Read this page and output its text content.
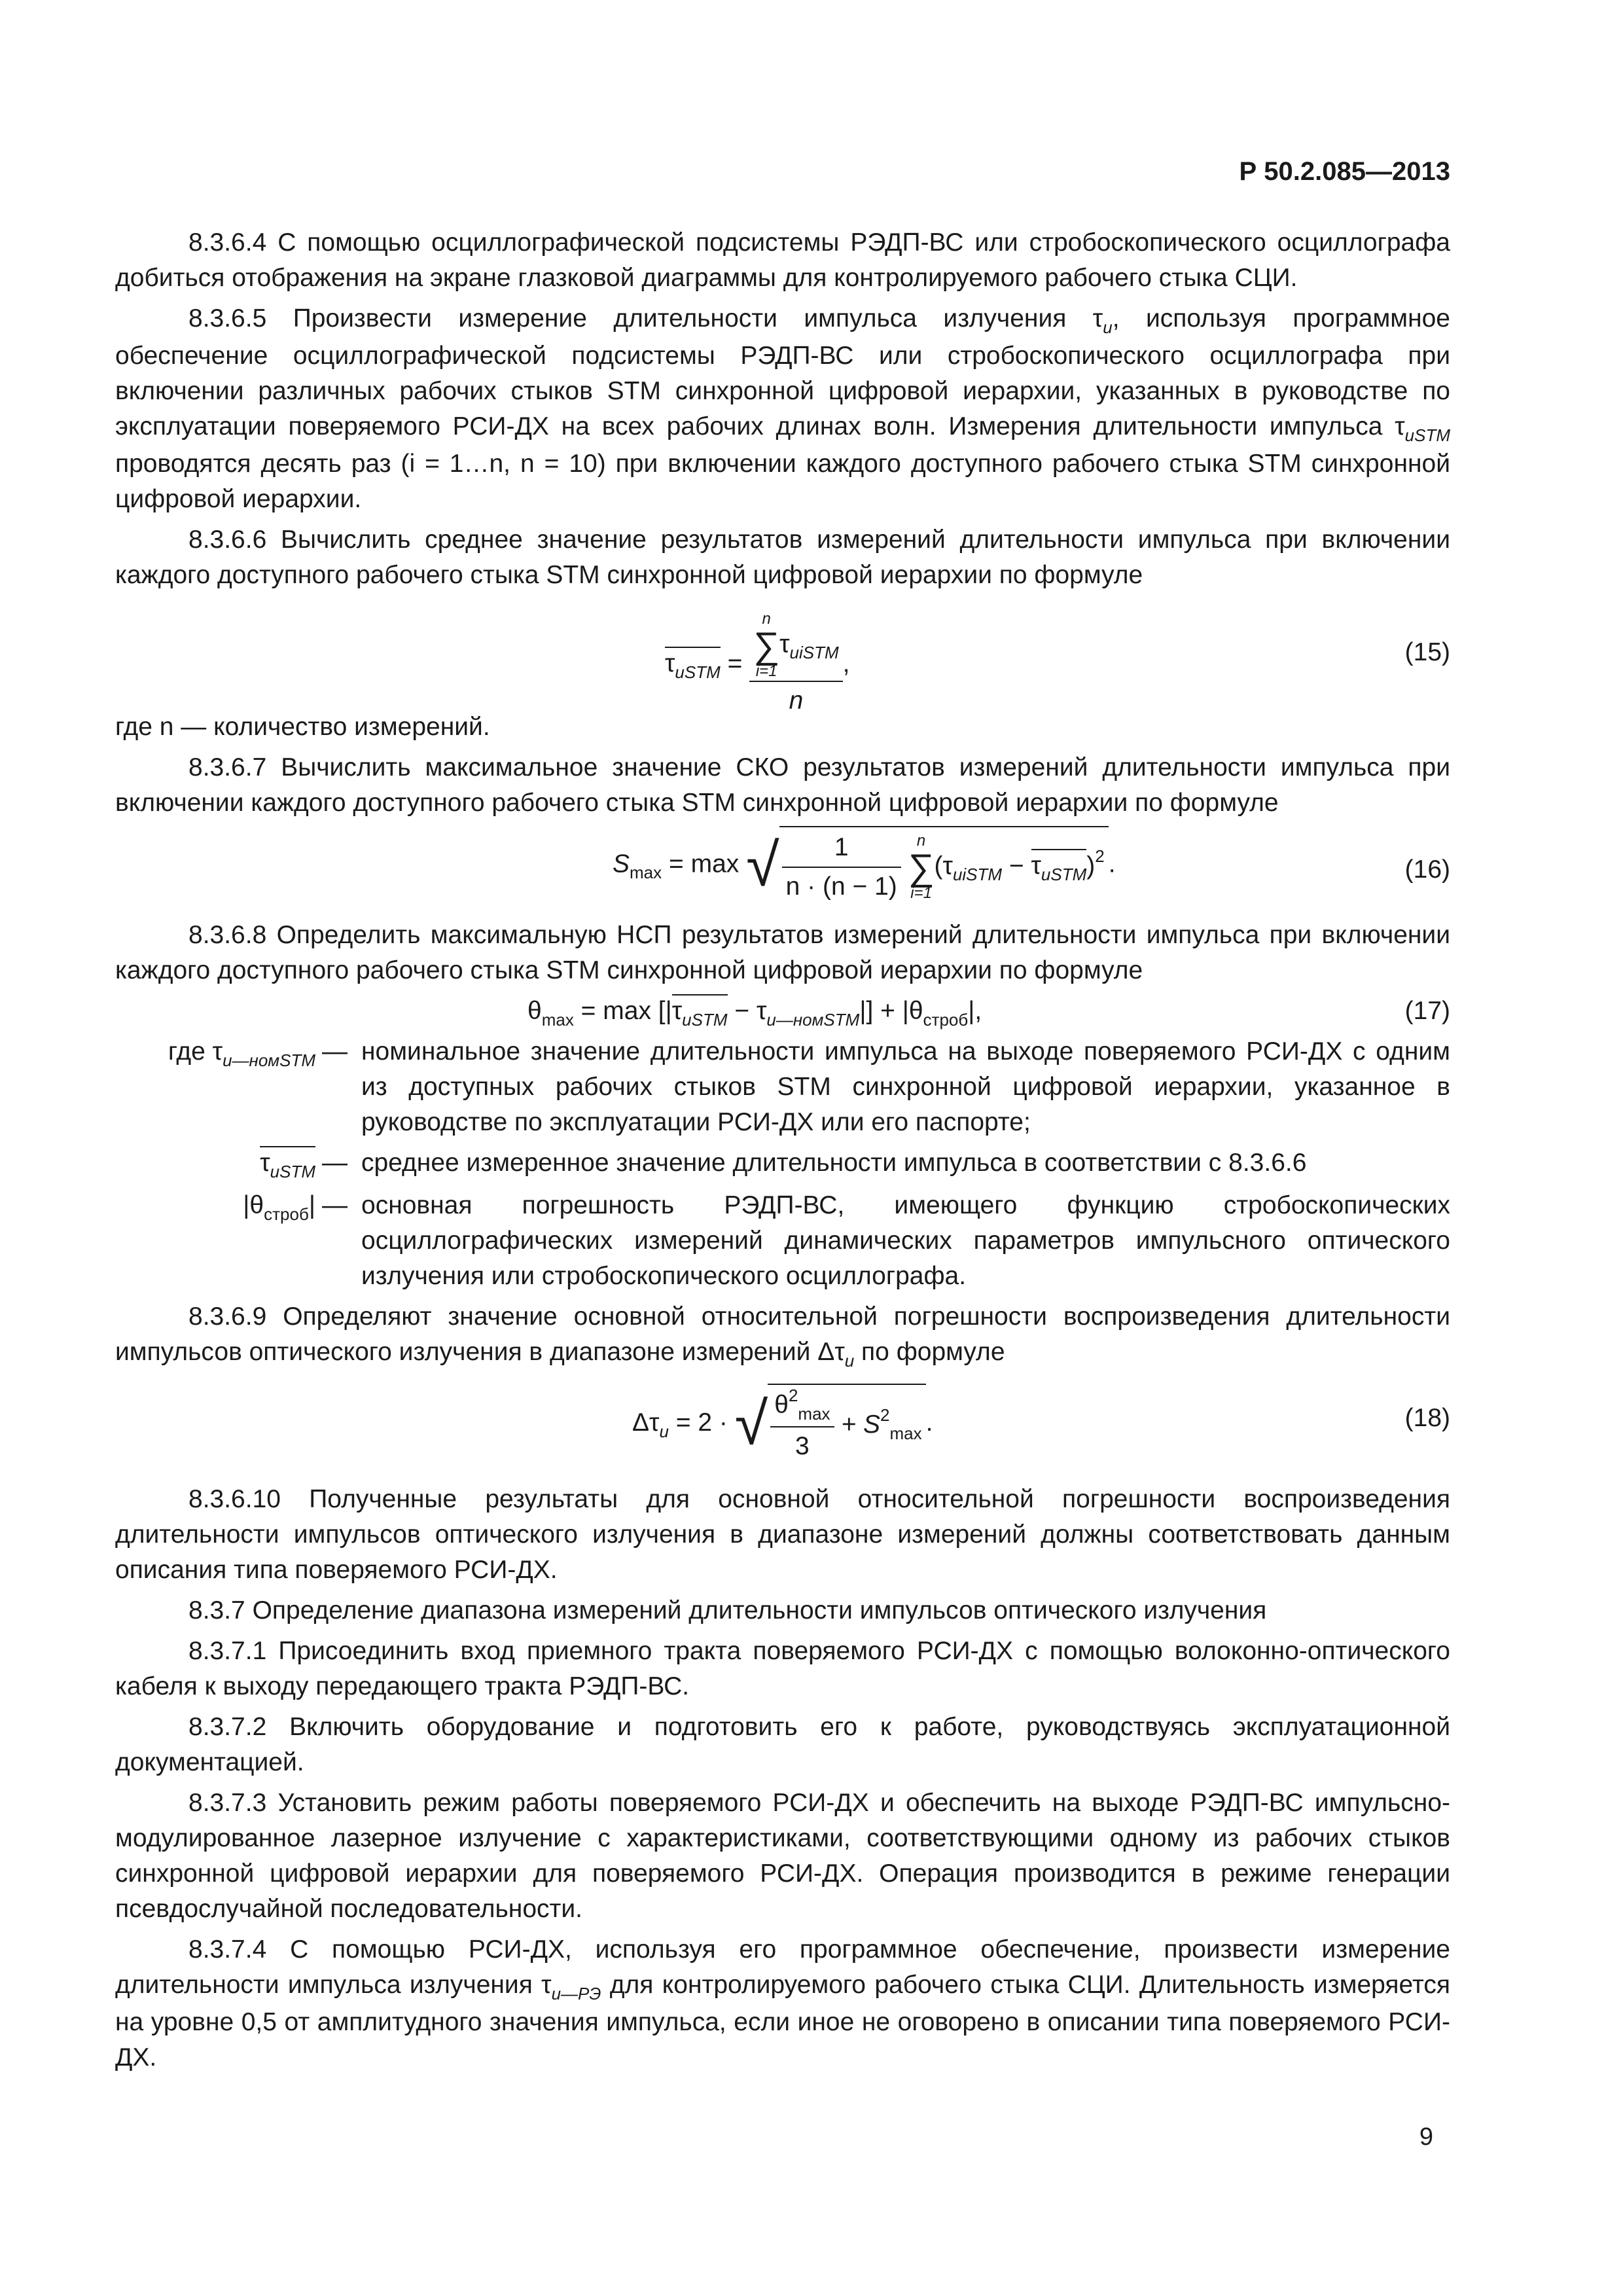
Р 50.2.085—2013

8.3.6.4 С помощью осциллографической подсистемы РЭДП-ВС или стробоскопического осциллографа добиться отображения на экране глазковой диаграммы для контролируемого рабочего стыка СЦИ.

8.3.6.5 Произвести измерение длительности импульса излучения $\tau_и$, используя программное обеспечение осциллографической подсистемы РЭДП-ВС или стробоскопического осциллографа при включении различных рабочих стыков STM синхронной цифровой иерархии, указанных в руководстве по эксплуатации поверяемого РСИ-ДХ на всех рабочих длинах волн. Измерения длительности импульса $\tau_{иSTM}$ проводятся десять раз (i = 1…n, n = 10) при включении каждого доступного рабочего стыка STM синхронной цифровой иерархии.

8.3.6.6 Вычислить среднее значение результатов измерений длительности импульса при включении каждого доступного рабочего стыка STM синхронной цифровой иерархии по формуле

$\tau_{иSTM} = n$
∑
i=1
$\tau_{иiSTM}$
n ,	(15)

где n — количество измерений.

8.3.6.7 Вычислить максимальное значение СКО результатов измерений длительности импульса при включении каждого доступного рабочего стыка STM синхронной цифровой иерархии по формуле

$S_{max} = \max$ √ $\frac{1}{n \cdot (n - 1)}$
	n
∑
i=1
$(\tau_{иiSTM} - \tau_{иSTM})^2$ .	(16)

8.3.6.8 Определить максимальную НСП результатов измерений длительности импульса при включении каждого доступного рабочего стыка STM синхронной цифровой иерархии по формуле

$\theta_{max} = \max [|\tau_{иSTM} - \tau_{и—номSTM}|] + |\theta_{строб}|$,	(17)
где $\tau_{и—номSTM}$ — номинальное значение длительности импульса на выходе поверяемого РСИ-ДХ с одним из доступных рабочих стыков STM синхронной цифровой иерархии, указанное в руководстве по эксплуатации РСИ-ДХ или его паспорте;
$\tau_{иSTM}$ — среднее измеренное значение длительности импульса в соответствии с 8.3.6.6
$|\theta_{строб}|$ — основная погрешность РЭДП-ВС, имеющего функцию стробоскопических осциллографических измерений динамических параметров импульсного оптического излучения или стробоскопического осциллографа.

8.3.6.9 Определяют значение основной относительной погрешности воспроизведения длительности импульсов оптического излучения в диапазоне измерений $\Delta\tau_и$ по формуле

$\Delta\tau_и = 2$ · √ $\frac{\theta^2_{max}}{3} + S^2_{max}$ .	(18)

8.3.6.10 Полученные результаты для основной относительной погрешности воспроизведения длительности импульсов оптического излучения в диапазоне измерений должны соответствовать данным описания типа поверяемого РСИ-ДХ.

8.3.7 Определение диапазона измерений длительности импульсов оптического излучения

8.3.7.1 Присоединить вход приемного тракта поверяемого РСИ-ДХ с помощью волоконно-оптического кабеля к выходу передающего тракта РЭДП-ВС.

8.3.7.2 Включить оборудование и подготовить его к работе, руководствуясь эксплуатационной документацией.

8.3.7.3 Установить режим работы поверяемого РСИ-ДХ и обеспечить на выходе РЭДП-ВС импульсно-модулированное лазерное излучение с характеристиками, соответствующими одному из рабочих стыков синхронной цифровой иерархии для поверяемого РСИ-ДХ. Операция производится в режиме генерации псевдослучайной последовательности.

8.3.7.4 С помощью РСИ-ДХ, используя его программное обеспечение, произвести измерение длительности импульса излучения $\tau_{и—РЭ}$ для контролируемого рабочего стыка СЦИ. Длительность измеряется на уровне 0,5 от амплитудного значения импульса, если иное не оговорено в описании типа поверяемого РСИ-ДХ.

9
